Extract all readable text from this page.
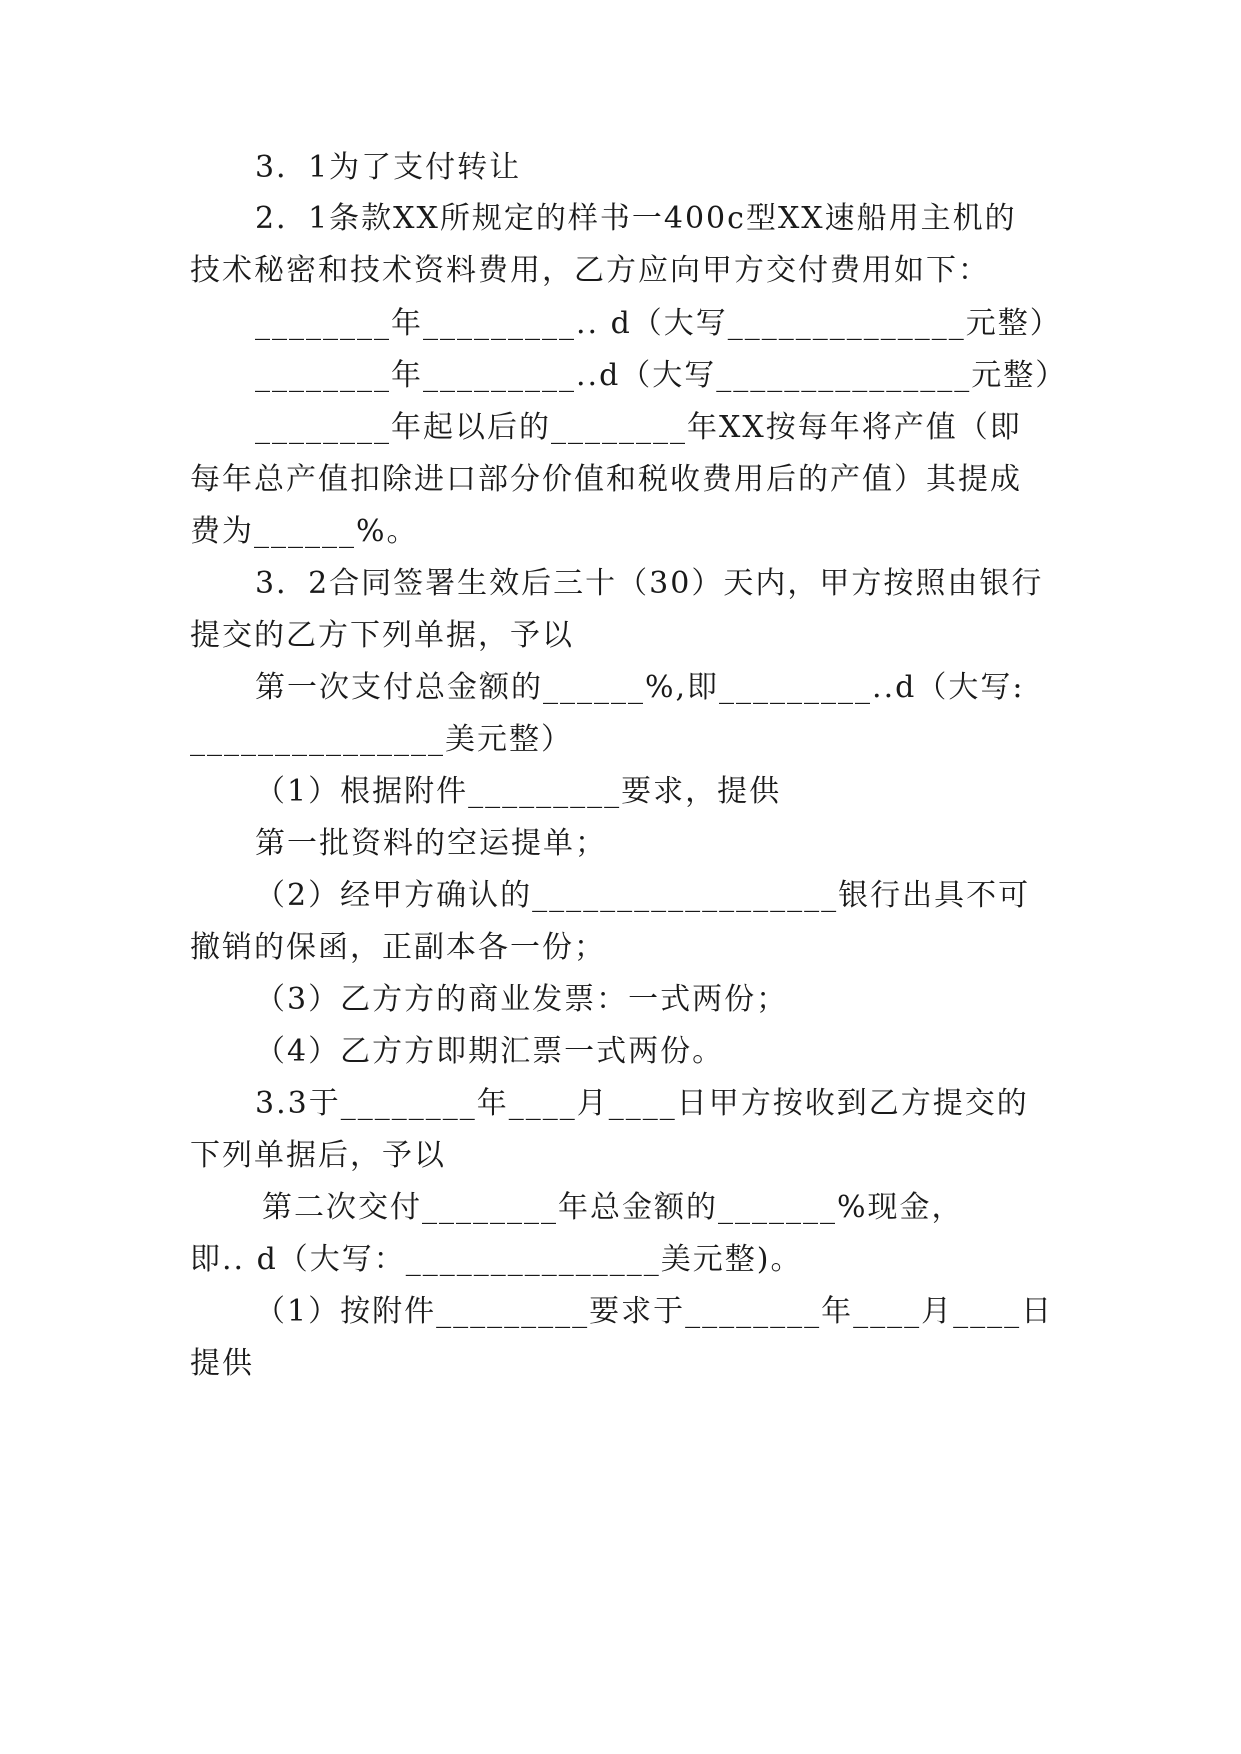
3．1为了支付转让
2．1条款XX所规定的样书一400c型XX速船用主机的
技术秘密和技术资料费用，乙方应向甲方交付费用如下：
________年_________.. d（大写______________元整）
________年_________..d（大写_______________元整）
________年起以后的________年XX按每年将产值（即
每年总产值扣除进口部分价值和税收费用后的产值）其提成
费为______%。
3．2合同签署生效后三十（30）天内，甲方按照由银行
提交的乙方下列单据，予以
第一次支付总金额的______%,即_________..d（大写:
_______________美元整）
（1）根据附件_________要求，提供
第一批资料的空运提单；
（2）经甲方确认的__________________银行出具不可
撤销的保函，正副本各一份；
（3）乙方方的商业发票：一式两份；
（4）乙方方即期汇票一式两份。
3.3于________年____月____日甲方按收到乙方提交的
下列单据后，予以
第二次交付________年总金额的_______%现金，
即.. d（大写：_______________美元整)。
（1）按附件_________要求于________年____月____日
提供
